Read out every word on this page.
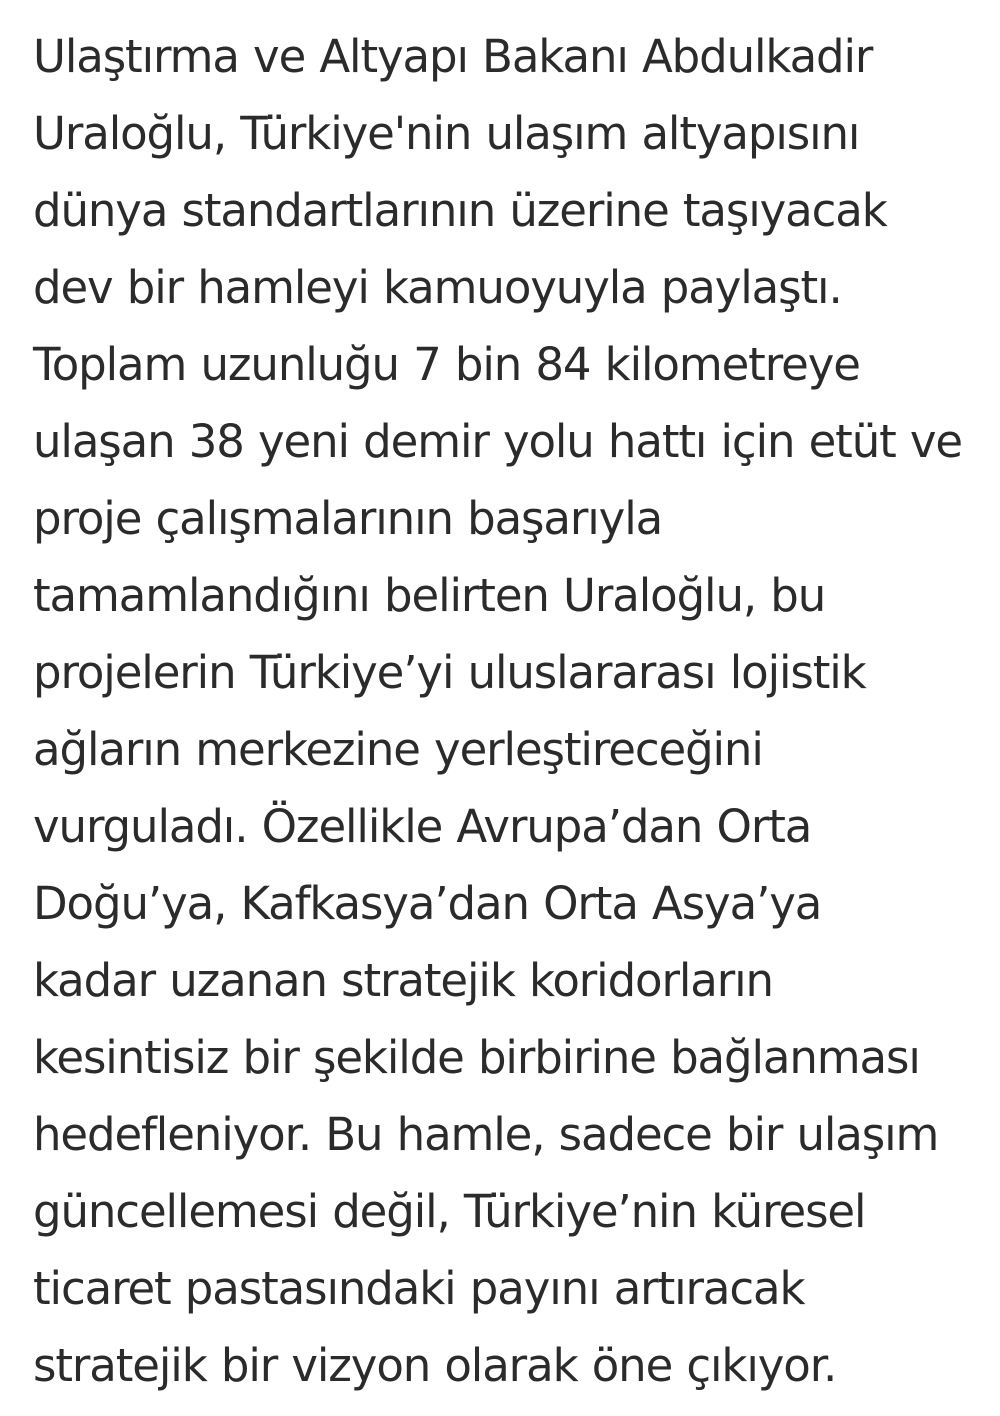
Ulaştırma ve Altyapı Bakanı Abdulkadir
Uraloğlu, Türkiye'nin ulaşım altyapısını
dünya standartlarının üzerine taşıyacak
dev bir hamleyi kamuoyuyla paylaştı.
Toplam uzunluğu 7 bin 84 kilometreye
ulaşan 38 yeni demir yolu hattı için etüt ve
proje çalışmalarının başarıyla
tamamlandığını belirten Uraloğlu, bu
projelerin Türkiye’yi uluslararası lojistik
ağların merkezine yerleştireceğini
vurguladı. Özellikle Avrupa’dan Orta
Doğu’ya, Kafkasya’dan Orta Asya’ya
kadar uzanan stratejik koridorların
kesintisiz bir şekilde birbirine bağlanması
hedefleniyor. Bu hamle, sadece bir ulaşım
güncellemesi değil, Türkiye’nin küresel
ticaret pastasındaki payını artıracak
stratejik bir vizyon olarak öne çıkıyor.
